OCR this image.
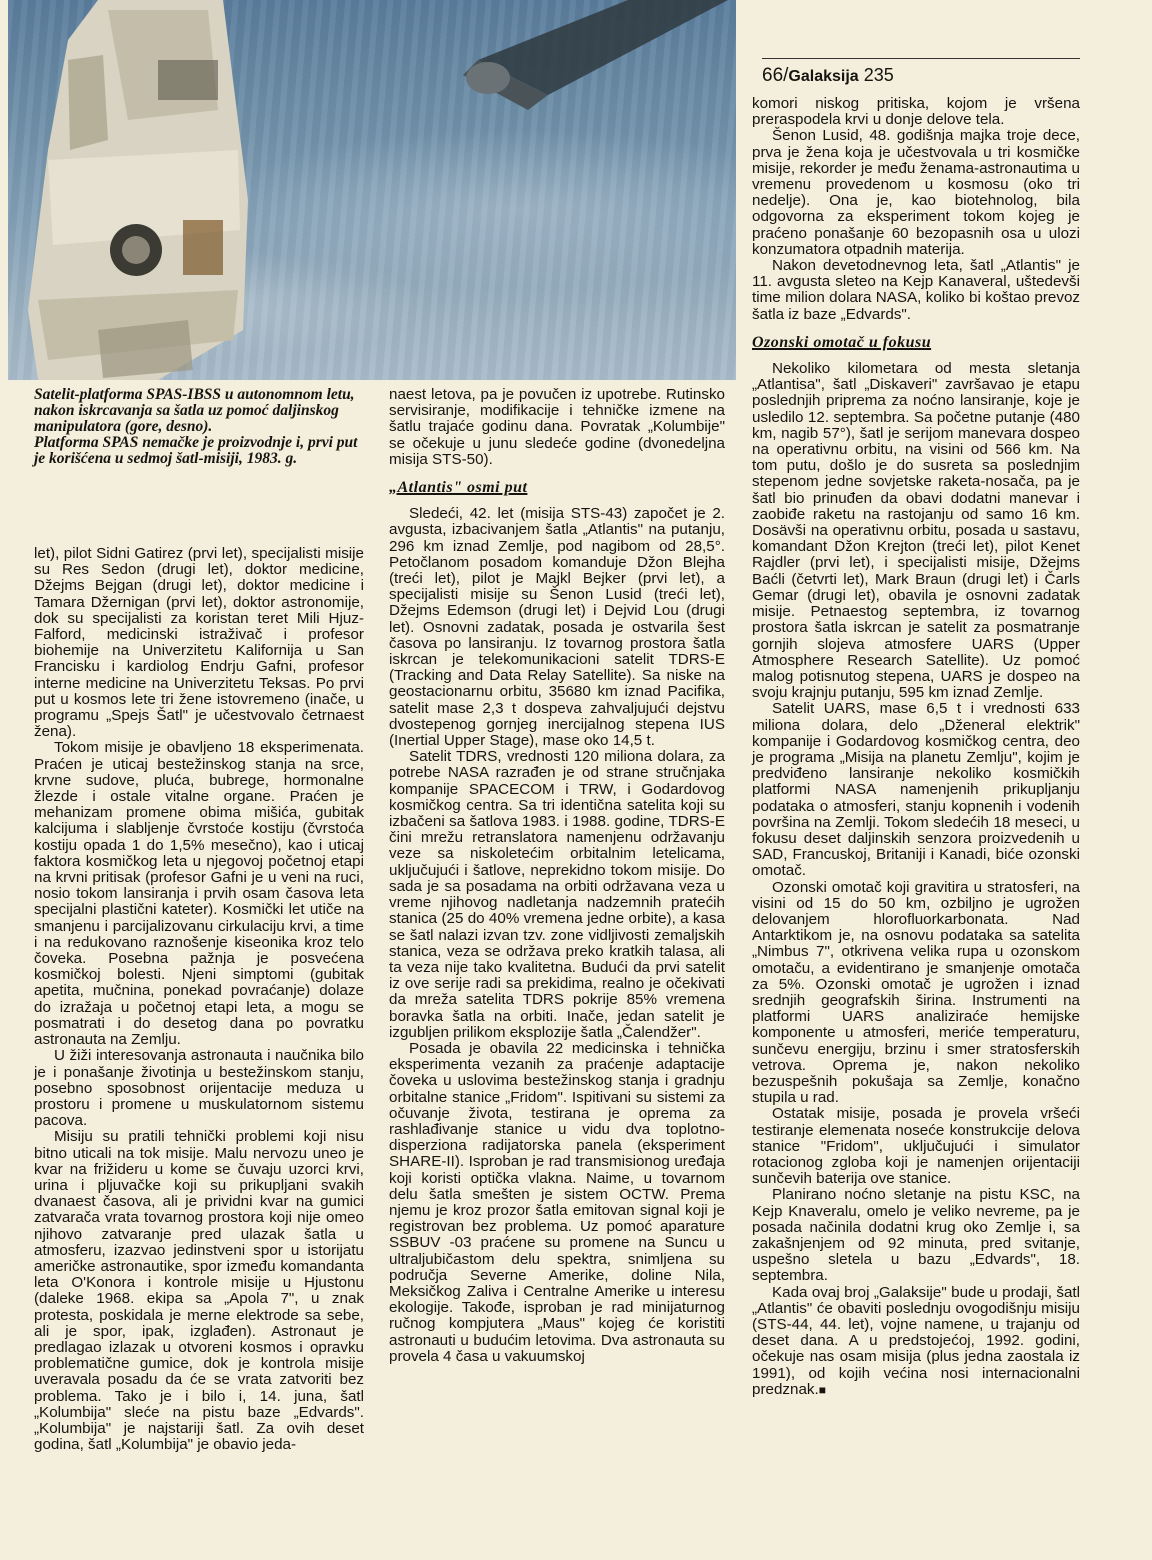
66/Galaksija 235

Satelit-platforma SPAS-IBSS u autonomnom letu, nakon iskrcavanja sa šatla uz pomoć daljinskog manipulatora (gore, desno).

Platforma SPAS nemačke je proizvodnje i, prvi put je korišćena u sedmoj šatl-misiji, 1983. g.

let), pilot Sidni Gatirez (prvi let), specijalisti misije su Res Sedon (drugi let), doktor medicine, Džejms Bejgan (drugi let), doktor medicine i Tamara Džernigan (prvi let), doktor astronomije, dok su specijalisti za koristan teret Mili Hjuz-Falford, medicinski istraživač i profesor biohemije na Univerzitetu Kalifornija u San Francisku i kardiolog Endrju Gafni, profesor interne medicine na Univerzitetu Teksas. Po prvi put u kosmos lete tri žene istovremeno (inače, u programu „Spejs Šatl" je učestvovalo četrnaest žena).

Tokom misije je obavljeno 18 eksperimenata. Praćen je uticaj bestežinskog stanja na srce, krvne sudove, pluća, bubrege, hormonalne žlezde i ostale vitalne organe. Praćen je mehanizam promene obima mišića, gubitak kalcijuma i slabljenje čvrstoće kostiju (čvrstoća kostiju opada 1 do 1,5% mesečno), kao i uticaj faktora kosmičkog leta u njegovoj početnoj etapi na krvni pritisak (profesor Gafni je u veni na ruci, nosio tokom lansiranja i prvih osam časova leta specijalni plastični kateter). Kosmički let utiče na smanjenu i parcijalizovanu cirkulaciju krvi, a time i na redukovano raznošenje kiseonika kroz telo čoveka. Posebna pažnja je posvećena kosmičkoj bolesti. Njeni simptomi (gubitak apetita, mučnina, ponekad povraćanje) dolaze do izražaja u početnoj etapi leta, a mogu se posmatrati i do desetog dana po povratku astronauta na Zemlju.

U žiži interesovanja astronauta i naučnika bilo je i ponašanje životinja u bestežinskom stanju, posebno sposobnost orijentacije meduza u prostoru i promene u muskulatornom sistemu pacova.

Misiju su pratili tehnički problemi koji nisu bitno uticali na tok misije. Malu nervozu uneo je kvar na frižideru u kome se čuvaju uzorci krvi, urina i pljuvačke koji su prikupljani svakih dvanaest časova, ali je prividni kvar na gumici zatvarača vrata tovarnog prostora koji nije omeo njihovo zatvaranje pred ulazak šatla u atmosferu, izazvao jedinstveni spor u istorijatu američke astronautike, spor između komandanta leta O'Konora i kontrole misije u Hjustonu (daleke 1968. ekipa sa „Apola 7", u znak protesta, poskidala je merne elektrode sa sebe, ali je spor, ipak, izglađen). Astronaut je predlagao izlazak u otvoreni kosmos i opravku problematične gumice, dok je kontrola misije uveravala posadu da će se vrata zatvoriti bez problema. Tako je i bilo i, 14. juna, šatl „Kolumbija" sleće na pistu baze „Edvards". „Kolumbija" je najstariji šatl. Za ovih deset godina, šatl „Kolumbija" je obavio jeda-

naest letova, pa je povučen iz upotrebe. Rutinsko servisiranje, modifikacije i tehničke izmene na šatlu trajaće godinu dana. Povratak „Kolumbije" se očekuje u junu sledeće godine (dvonedeljna misija STS-50).

„Atlantis" osmi put

Sledeći, 42. let (misija STS-43) započet je 2. avgusta, izbacivanjem šatla „Atlantis" na putanju, 296 km iznad Zemlje, pod nagibom od 28,5°. Petočlanom posadom komanduje Džon Blejha (treći let), pilot je Majkl Bejker (prvi let), a specijalisti misije su Šenon Lusid (treći let), Džejms Edemson (drugi let) i Dejvid Lou (drugi let). Osnovni zadatak, posada je ostvarila šest časova po lansiranju. Iz tovarnog prostora šatla iskrcan je telekomunikacioni satelit TDRS-E (Tracking and Data Relay Satellite). Sa niske na geostacionarnu orbitu, 35680 km iznad Pacifika, satelit mase 2,3 t dospeva zahvaljujući dejstvu dvostepenog gornjeg inercijalnog stepena IUS (Inertial Upper Stage), mase oko 14,5 t.

Satelit TDRS, vrednosti 120 miliona dolara, za potrebe NASA razrađen je od strane stručnjaka kompanije SPACECOM i TRW, i Godardovog kosmičkog centra. Sa tri identična satelita koji su izbačeni sa šatlova 1983. i 1988. godine, TDRS-E čini mrežu retranslatora namenjenu održavanju veze sa niskoletećim orbitalnim letelicama, uključujući i šatlove, neprekidno tokom misije. Do sada je sa posadama na orbiti održavana veza u vreme njihovog nadletanja nadzemnih pratećih stanica (25 do 40% vremena jedne orbite), a kasa se šatl nalazi izvan tzv. zone vidljivosti zemaljskih stanica, veza se održava preko kratkih talasa, ali ta veza nije tako kvalitetna. Budući da prvi satelit iz ove serije radi sa prekidima, realno je očekivati da mreža satelita TDRS pokrije 85% vremena boravka šatla na orbiti. Inače, jedan satelit je izgubljen prilikom eksplozije šatla „Čalendžer".

Posada je obavila 22 medicinska i tehnička eksperimenta vezanih za praćenje adaptacije čoveka u uslovima bestežinskog stanja i gradnju orbitalne stanice „Fridom". Ispitivani su sistemi za očuvanje života, testirana je oprema za rashlađivanje stanice u vidu dva toplotno-disperziona radijatorska panela (eksperiment SHARE-II). Isproban je rad transmisionog uređaja koji koristi optička vlakna. Naime, u tovarnom delu šatla smešten je sistem OCTW. Prema njemu je kroz prozor šatla emitovan signal koji je registrovan bez problema. Uz pomoć aparature SSBUV -03 praćene su promene na Suncu u ultraljubičastom delu spektra, snimljena su područja Severne Amerike, doline Nila, Meksičkog Zaliva i Centralne Amerike u interesu ekologije. Takođe, isproban je rad minijaturnog ručnog kompjutera „Maus" kojeg će koristiti astronauti u budućim letovima. Dva astronauta su provela 4 časa u vakuumskoj

komori niskog pritiska, kojom je vršena preraspodela krvi u donje delove tela.

Šenon Lusid, 48. godišnja majka troje dece, prva je žena koja je učestvovala u tri kosmičke misije, rekorder je među ženama-astronautima u vremenu provedenom u kosmosu (oko tri nedelje). Ona je, kao biotehnolog, bila odgovorna za eksperiment tokom kojeg je praćeno ponašanje 60 bezopasnih osa u ulozi konzumatora otpadnih materija.

Nakon devetodnevnog leta, šatl „Atlantis" je 11. avgusta sleteo na Kejp Kanaveral, uštedevši time milion dolara NASA, koliko bi koštao prevoz šatla iz baze „Edvards".

Ozonski omotač u fokusu

Nekoliko kilometara od mesta sletanja „Atlantisa", šatl „Diskaveri" završavao je etapu poslednjih priprema za noćno lansiranje, koje je usledilo 12. septembra. Sa početne putanje (480 km, nagib 57°), šatl je serijom manevara dospeo na operativnu orbitu, na visini od 566 km. Na tom putu, došlo je do susreta sa poslednjim stepenom jedne sovjetske raketa-nosača, pa je šatl bio prinuđen da obavi dodatni manevar i zaobiđe raketu na rastojanju od samo 16 km. Dosävši na operativnu orbitu, posada u sastavu, komandant Džon Krejton (treći let), pilot Kenet Rajdler (prvi let), i specijalisti misije, Džejms Baćli (četvrti let), Mark Braun (drugi let) i Čarls Gemar (drugi let), obavila je osnovni zadatak misije. Petnaestog septembra, iz tovarnog prostora šatla iskrcan je satelit za posmatranje gornjih slojeva atmosfere UARS (Upper Atmosphere Research Satellite). Uz pomoć malog potisnutog stepena, UARS je dospeo na svoju krajnju putanju, 595 km iznad Zemlje.

Satelit UARS, mase 6,5 t i vrednosti 633 miliona dolara, delo „Dženeral elektrik" kompanije i Godardovog kosmičkog centra, deo je programa „Misija na planetu Zemlju", kojim je predviđeno lansiranje nekoliko kosmičkih platformi NASA namenjenih prikupljanju podataka o atmosferi, stanju kopnenih i vodenih površina na Zemlji. Tokom sledećih 18 meseci, u fokusu deset daljinskih senzora proizvedenih u SAD, Francuskoj, Britaniji i Kanadi, biće ozonski omotač.

Ozonski omotač koji gravitira u stratosferi, na visini od 15 do 50 km, ozbiljno je ugrožen delovanjem hlorofluorkarbonata. Nad Antarktikom je, na osnovu podataka sa satelita „Nimbus 7", otkrivena velika rupa u ozonskom omotaču, a evidentirano je smanjenje omotača za 5%. Ozonski omotač je ugrožen i iznad srednjih geografskih širina. Instrumenti na platformi UARS analiziraće hemijske komponente u atmosferi, meriće temperaturu, sunčevu energiju, brzinu i smer stratosferskih vetrova. Oprema je, nakon nekoliko bezuspešnih pokušaja sa Zemlje, konačno stupila u rad.

Ostatak misije, posada je provela vršeći testiranje elemenata noseće konstrukcije delova stanice "Fridom", uključujući i simulator rotacionog zgloba koji je namenjen orijentaciji sunčevih baterija ove stanice.

Planirano noćno sletanje na pistu KSC, na Kejp Knaveralu, omelo je veliko nevreme, pa je posada načinila dodatni krug oko Zemlje i, sa zakašnjenjem od 92 minuta, pred svitanje, uspešno sletela u bazu „Edvards", 18. septembra.

Kada ovaj broj „Galaksije" bude u prodaji, šatl „Atlantis" će obaviti poslednju ovogodišnju misiju (STS-44, 44. let), vojne namene, u trajanju od deset dana. A u predstojećoj, 1992. godini, očekuje nas osam misija (plus jedna zaostala iz 1991), od kojih većina nosi internacionalni predznak.■
